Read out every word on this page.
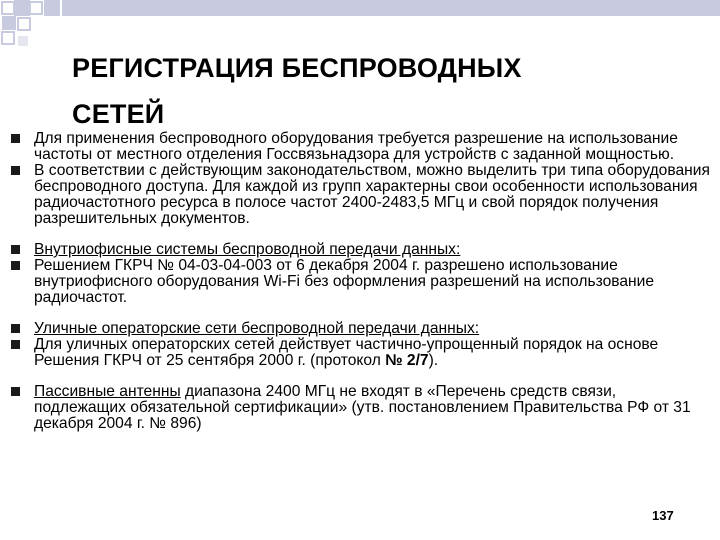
РЕГИСТРАЦИЯ БЕСПРОВОДНЫХ
СЕТЕЙ
Для применения беспроводного оборудования требуется разрешение на использование частоты от местного отделения Госсвязьнадзора для устройств с заданной мощностью.
В соответствии с действующим законодательством, можно выделить три типа оборудования беспроводного доступа. Для каждой из групп характерны свои особенности использования радиочастотного ресурса в полосе частот 2400-2483,5 МГц и свой порядок получения разрешительных документов.
Внутриофисные системы беспроводной передачи данных:
Решением ГКРЧ № 04-03-04-003 от 6 декабря 2004 г. разрешено использование внутриофисного оборудования Wi-Fi без оформления разрешений на использование радиочастот.
Уличные операторские сети беспроводной передачи данных:
Для уличных операторских сетей действует частично-упрощенный порядок на основе Решения ГКРЧ от 25 сентября 2000 г. (протокол № 2/7).
Пассивные антенны диапазона 2400 МГц не входят в «Перечень средств связи, подлежащих обязательной сертификации» (утв. постановлением Правительства РФ от 31 декабря 2004 г. № 896)
137
